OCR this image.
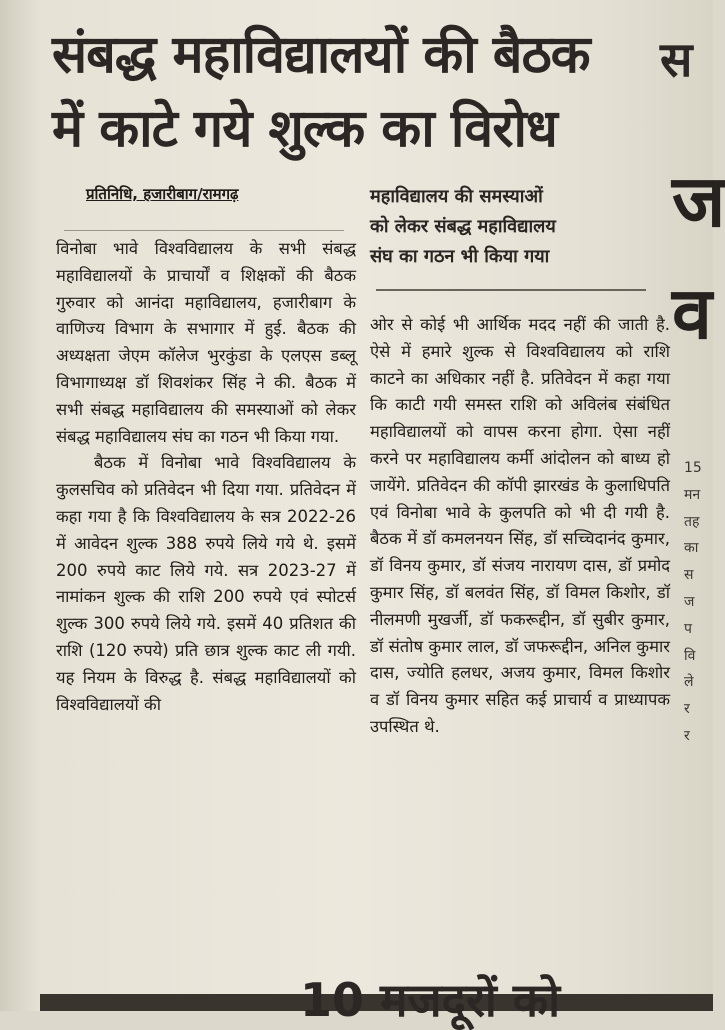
संबद्ध महाविद्यालयों की बैठक
में काटे गये शुल्क का विरोध
स
ज
व
प्रतिनिधि, हजारीबाग/रामगढ़

विनोबा भावे विश्वविद्यालय के सभी संबद्ध महाविद्यालयों के प्राचार्यों व शिक्षकों की बैठक गुरुवार को आनंदा महाविद्यालय, हजारीबाग के वाणिज्य विभाग के सभागार में हुई. बैठक की अध्यक्षता जेएम कॉलेज भुरकुंडा के एलएस डब्लू विभागाध्यक्ष डॉ शिवशंकर सिंह ने की. बैठक में सभी संबद्ध महाविद्यालय की समस्याओं को लेकर संबद्ध महाविद्यालय संघ का गठन भी किया गया.

बैठक में विनोबा भावे विश्वविद्यालय के कुलसचिव को प्रतिवेदन भी दिया गया. प्रतिवेदन में कहा गया है कि विश्वविद्यालय के सत्र 2022-26 में आवेदन शुल्क 388 रुपये लिये गये थे. इसमें 200 रुपये काट लिये गये. सत्र 2023-27 में नामांकन शुल्क की राशि 200 रुपये एवं स्पोटर्स शुल्क 300 रुपये लिये गये. इसमें 40 प्रतिशत की राशि (120 रुपये) प्रति छात्र शुल्क काट ली गयी. यह नियम के विरुद्ध है. संबद्ध महाविद्यालयों को विश्वविद्यालयों की

महाविद्यालय की समस्याओं
को लेकर संबद्ध महाविद्यालय
संघ का गठन भी किया गया

ओर से कोई भी आर्थिक मदद नहीं की जाती है. ऐसे में हमारे शुल्क से विश्वविद्यालय को राशि काटने का अधिकार नहीं है. प्रतिवेदन में कहा गया कि काटी गयी समस्त राशि को अविलंब संबंधित महाविद्यालयों को वापस करना होगा. ऐसा नहीं करने पर महाविद्यालय कर्मी आंदोलन को बाध्य हो जायेंगे. प्रतिवेदन की कॉपी झारखंड के कुलाधिपति एवं विनोबा भावे के कुलपति को भी दी गयी है. बैठक में डॉ कमलनयन सिंह, डॉ सच्चिदानंद कुमार, डॉ विनय कुमार, डॉ संजय नारायण दास, डॉ प्रमोद कुमार सिंह, डॉ बलवंत सिंह, डॉ विमल किशोर, डॉ नीलमणी मुखर्जी, डॉ फकरूद्दीन, डॉ सुबीर कुमार, डॉ संतोष कुमार लाल, डॉ जफरूद्दीन, अनिल कुमार दास, ज्योति हलधर, अजय कुमार, विमल किशोर व डॉ विनय कुमार सहित कई प्राचार्य व प्राध्यापक उपस्थित थे.

15
मन
तह
का
स
ज
प
वि
ले
र
र
10 मजदूरों को
